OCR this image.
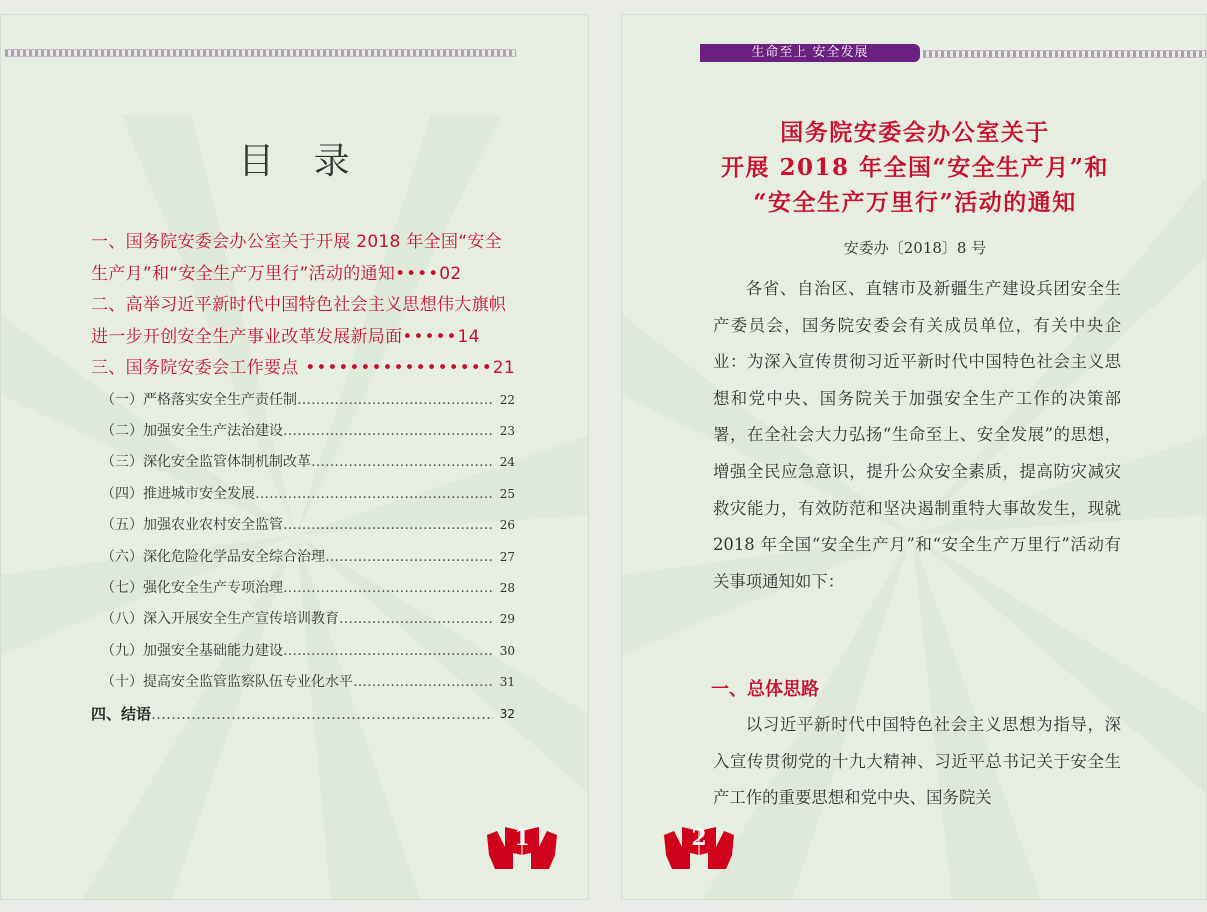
目 录
一、国务院安委会办公室关于开展 2018 年全国“安全生产月”和“安全生产万里行”活动的通知••••02
二、高举习近平新时代中国特色社会主义思想伟大旗帜 进一步开创安全生产事业改革发展新局面•••••14
三、国务院安委会工作要点 ••••••••••••••••• 21
（一）严格落实安全生产责任制 …………………………………………………………………………………………………………	22
（二）加强安全生产法治建设 …………………………………………………………………………………………………………	23
（三）深化安全监管体制机制改革 …………………………………………………………………………………………………………	24
（四）推进城市安全发展 …………………………………………………………………………………………………………	25
（五）加强农业农村安全监管 …………………………………………………………………………………………………………	26
（六）深化危险化学品安全综合治理 …………………………………………………………………………………………………………	27
（七）强化安全生产专项治理 …………………………………………………………………………………………………………	28
（八）深入开展安全生产宣传培训教育 …………………………………………………………………………………………………………	29
（九）加强安全基础能力建设 …………………………………………………………………………………………………………	30
（十）提高安全监管监察队伍专业化水平 …………………………………………………………………………………………………………	31
四、结语 …………………………………………………………………………………………………………	32
1
生命至上 安全发展
国务院安委会办公室关于
开展 2018 年全国“安全生产月”和
“安全生产万里行”活动的通知
安委办〔2018〕8 号

各省、自治区、直辖市及新疆生产建设兵团安全生产委员会，国务院安委会有关成员单位，有关中央企业：为深入宣传贯彻习近平新时代中国特色社会主义思想和党中央、国务院关于加强安全生产工作的决策部署，在全社会大力弘扬“生命至上、安全发展”的思想，增强全民应急意识，提升公众安全素质，提高防灾减灾救灾能力，有效防范和坚决遏制重特大事故发生，现就 2018 年全国“安全生产月”和“安全生产万里行”活动有关事项通知如下：

一、总体思路

以习近平新时代中国特色社会主义思想为指导，深入宣传贯彻党的十九大精神、习近平总书记关于安全生产工作的重要思想和党中央、国务院关

2
